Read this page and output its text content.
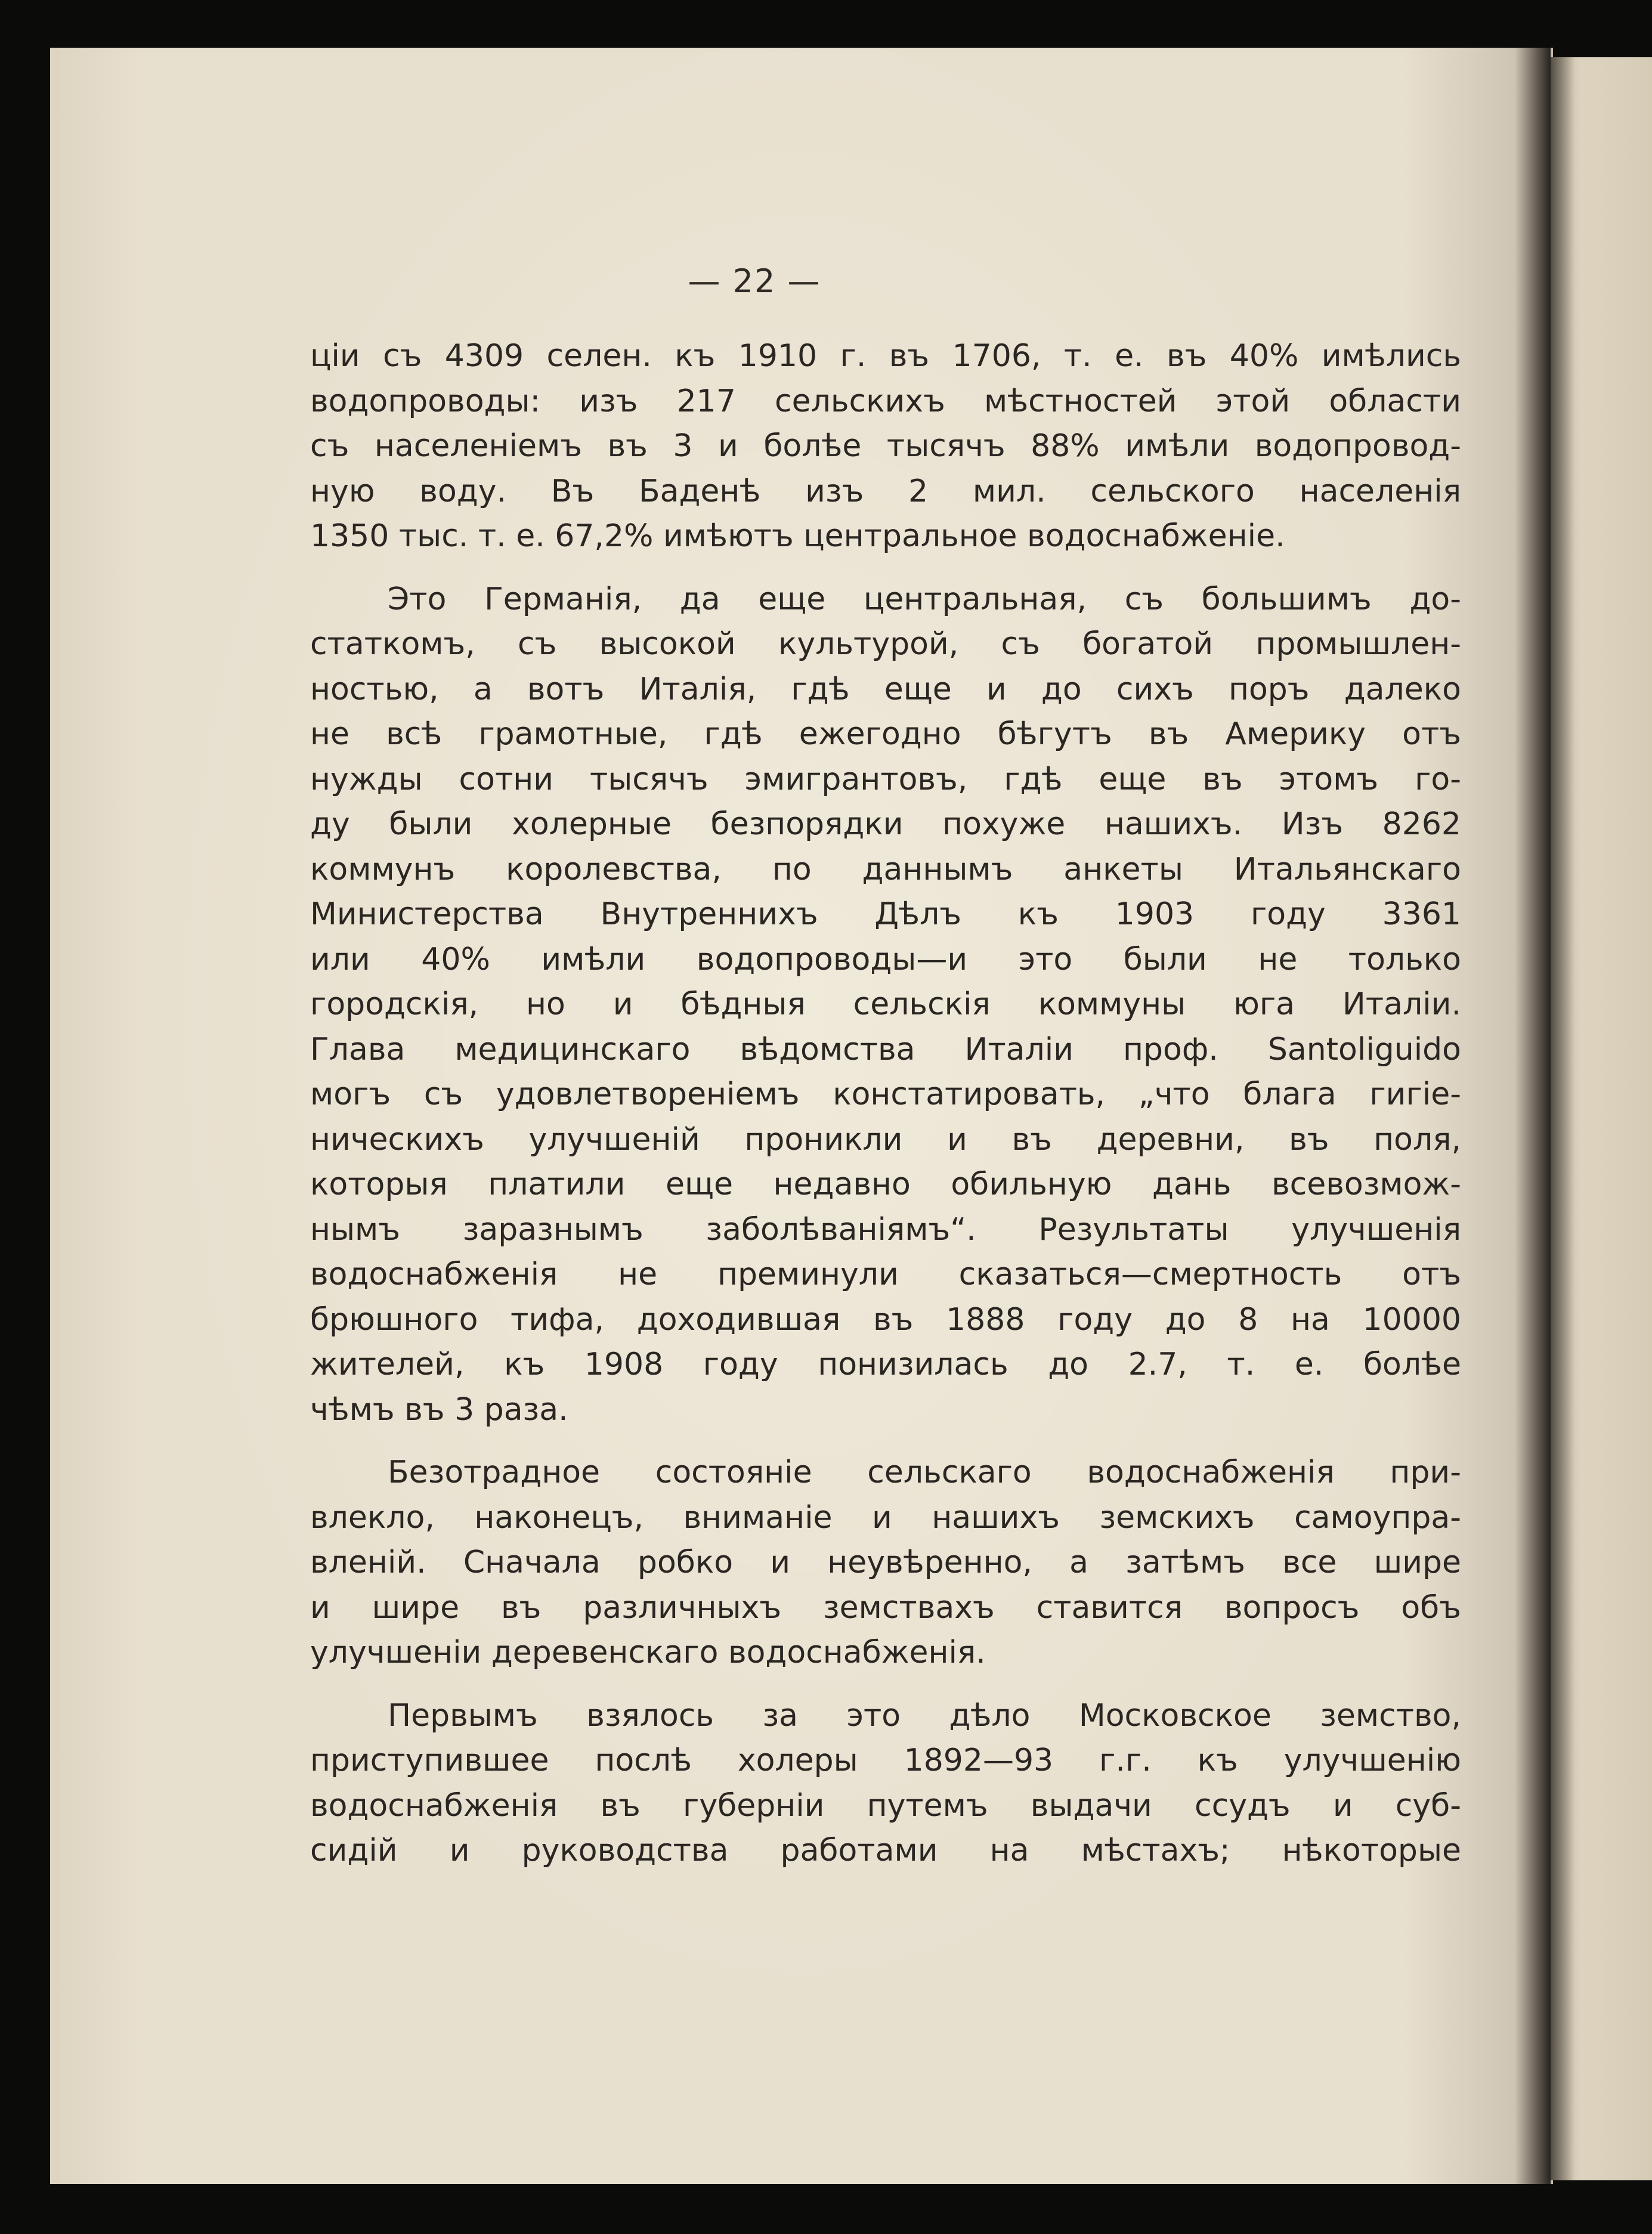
— 22 —

ціи съ 4309 селен. къ 1910 г. въ 1706, т. е. въ 40% имѣлись
водопроводы: изъ 217 сельскихъ мѣстностей этой области
съ населеніемъ въ 3 и болѣе тысячъ 88% имѣли водопровод-
ную воду. Въ Баденѣ изъ 2 мил. сельского населенія
1350 тыс. т. е. 67,2% имѣютъ центральное водоснабженіе.

Это Германія, да еще центральная, съ большимъ до-
статкомъ, съ высокой культурой, съ богатой промышлен-
ностью, а вотъ Италія, гдѣ еще и до сихъ поръ далеко
не всѣ грамотные, гдѣ ежегодно бѣгутъ въ Америку отъ
нужды сотни тысячъ эмигрантовъ, гдѣ еще въ этомъ го-
ду были холерные безпорядки похуже нашихъ. Изъ 8262
коммунъ королевства, по даннымъ анкеты Итальянскаго
Министерства Внутреннихъ Дѣлъ къ 1903 году 3361
или 40% имѣли водопроводы—и это были не только
городскія, но и бѣдныя сельскія коммуны юга Италіи.
Глава медицинскаго вѣдомства Италіи проф. Santoliguido
могъ съ удовлетвореніемъ констатировать, „что блага гигіе-
ническихъ улучшеній проникли и въ деревни, въ поля,
которыя платили еще недавно обильную дань всевозмож-
нымъ заразнымъ заболѣваніямъ“. Результаты улучшенія
водоснабженія не преминули сказаться—смертность отъ
брюшного тифа, доходившая въ 1888 году до 8 на 10000
жителей, къ 1908 году понизилась до 2.7, т. е. болѣе
чѣмъ въ 3 раза.

Безотрадное состояніе сельскаго водоснабженія при-
влекло, наконецъ, вниманіе и нашихъ земскихъ самоупра-
вленій. Сначала робко и неувѣренно, а затѣмъ все шире
и шире въ различныхъ земствахъ ставится вопросъ объ
улучшеніи деревенскаго водоснабженія.

Первымъ взялось за это дѣло Московское земство,
приступившее послѣ холеры 1892—93 г.г. къ улучшенію
водоснабженія въ губерніи путемъ выдачи ссудъ и суб-
сидій и руководства работами на мѣстахъ; нѣкоторые
